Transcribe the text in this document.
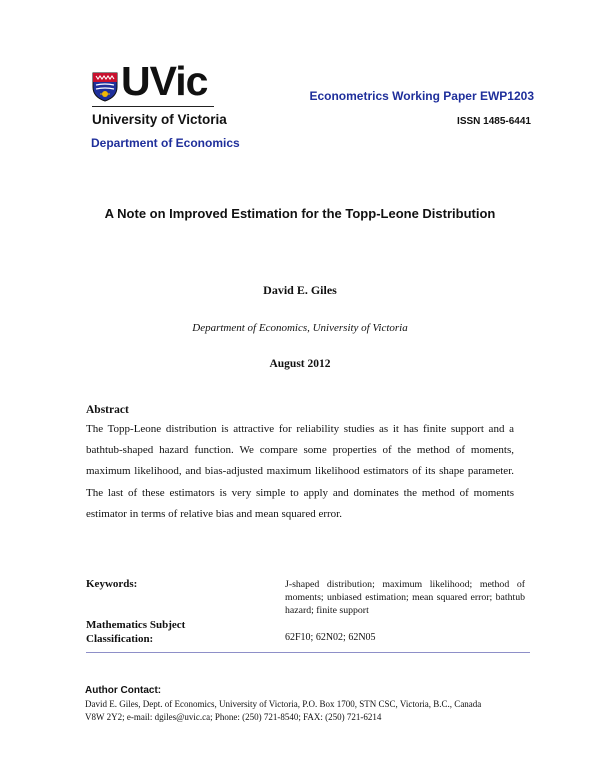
UVic
University of Victoria
Department of Economics
Econometrics Working Paper EWP1203
ISSN 1485-6441
A Note on Improved Estimation for the Topp-Leone Distribution
David E. Giles
Department of Economics, University of Victoria
August 2012
Abstract
The Topp-Leone distribution is attractive for reliability studies as it has finite support and a bathtub-shaped hazard function. We compare some properties of the method of moments, maximum likelihood, and bias-adjusted maximum likelihood estimators of its shape parameter. The last of these estimators is very simple to apply and dominates the method of moments estimator in terms of relative bias and mean squared error.
Keywords:	J-shaped distribution; maximum likelihood; method of moments; unbiased estimation; mean squared error; bathtub hazard; finite support
Mathematics Subject
Classification:	62F10; 62N02; 62N05
Author Contact:
David E. Giles, Dept. of Economics, University of Victoria, P.O. Box 1700, STN CSC, Victoria, B.C., Canada
V8W 2Y2; e-mail: dgiles@uvic.ca; Phone: (250) 721-8540; FAX: (250) 721-6214
